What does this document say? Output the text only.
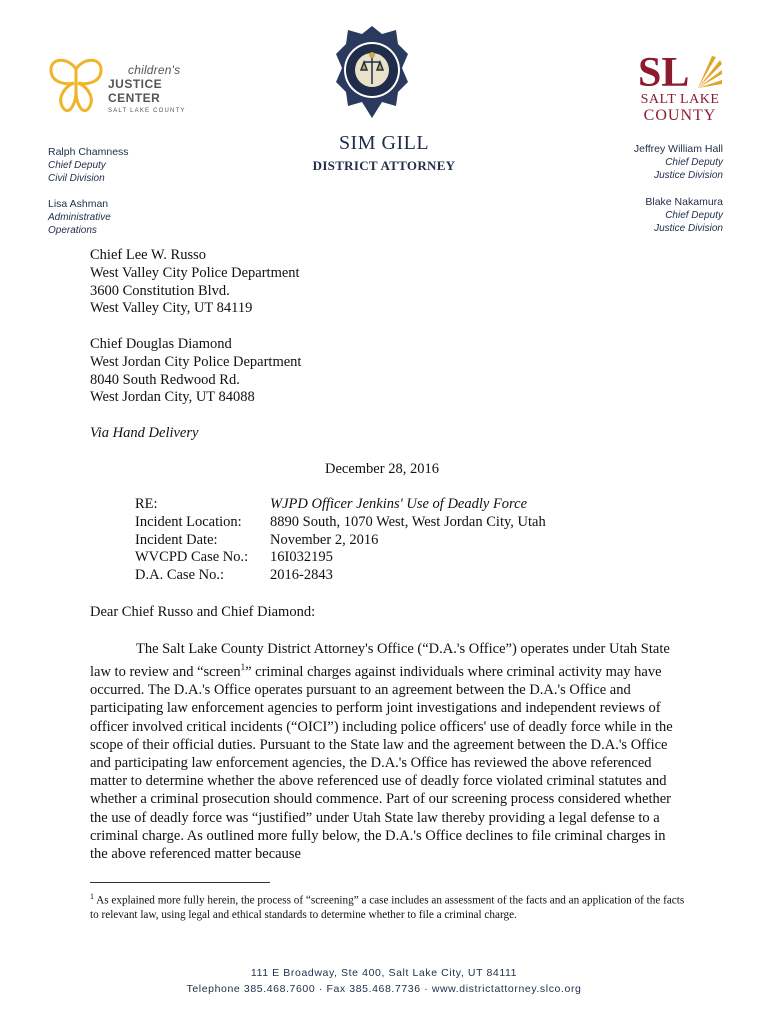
children's
JUSTICE CENTER
SALT LAKE COUNTY
SL
SALT LAKE
COUNTY
SIM GILL
DISTRICT ATTORNEY
Ralph Chamness
Chief Deputy
Civil Division
Lisa Ashman
Administrative
Operations
Jeffrey William Hall
Chief Deputy
Justice Division
Blake Nakamura
Chief Deputy
Justice Division
Chief Lee W. Russo
West Valley City Police Department
3600 Constitution Blvd.
West Valley City, UT 84119
Chief Douglas Diamond
West Jordan City Police Department
8040 South Redwood Rd.
West Jordan City, UT 84088
Via Hand Delivery
December 28, 2016
RE:	WJPD Officer Jenkins' Use of Deadly Force
Incident Location:	8890 South, 1070 West, West Jordan City, Utah
Incident Date:	November 2, 2016
WVCPD Case No.:	16I032195
D.A. Case No.:	2016-2843
Dear Chief Russo and Chief Diamond:
The Salt Lake County District Attorney's Office (“D.A.'s Office”) operates under Utah State law to review and “screen$^1$” criminal charges against individuals where criminal activity may have occurred. The D.A.'s Office operates pursuant to an agreement between the D.A.'s Office and participating law enforcement agencies to perform joint investigations and independent reviews of officer involved critical incidents (“OICI”) including police officers' use of deadly force while in the scope of their official duties. Pursuant to the State law and the agreement between the D.A.'s Office and participating law enforcement agencies, the D.A.'s Office has reviewed the above referenced matter to determine whether the above referenced use of deadly force violated criminal statutes and whether a criminal prosecution should commence. Part of our screening process considered whether the use of deadly force was “justified” under Utah State law thereby providing a legal defense to a criminal charge. As outlined more fully below, the D.A.'s Office declines to file criminal charges in the above referenced matter because
$^1$ As explained more fully herein, the process of “screening” a case includes an assessment of the facts and an application of the facts to relevant law, using legal and ethical standards to determine whether to file a criminal charge.
111 E Broadway, Ste 400, Salt Lake City, UT 84111
Telephone 385.468.7600 · Fax 385.468.7736 · www.districtattorney.slco.org
